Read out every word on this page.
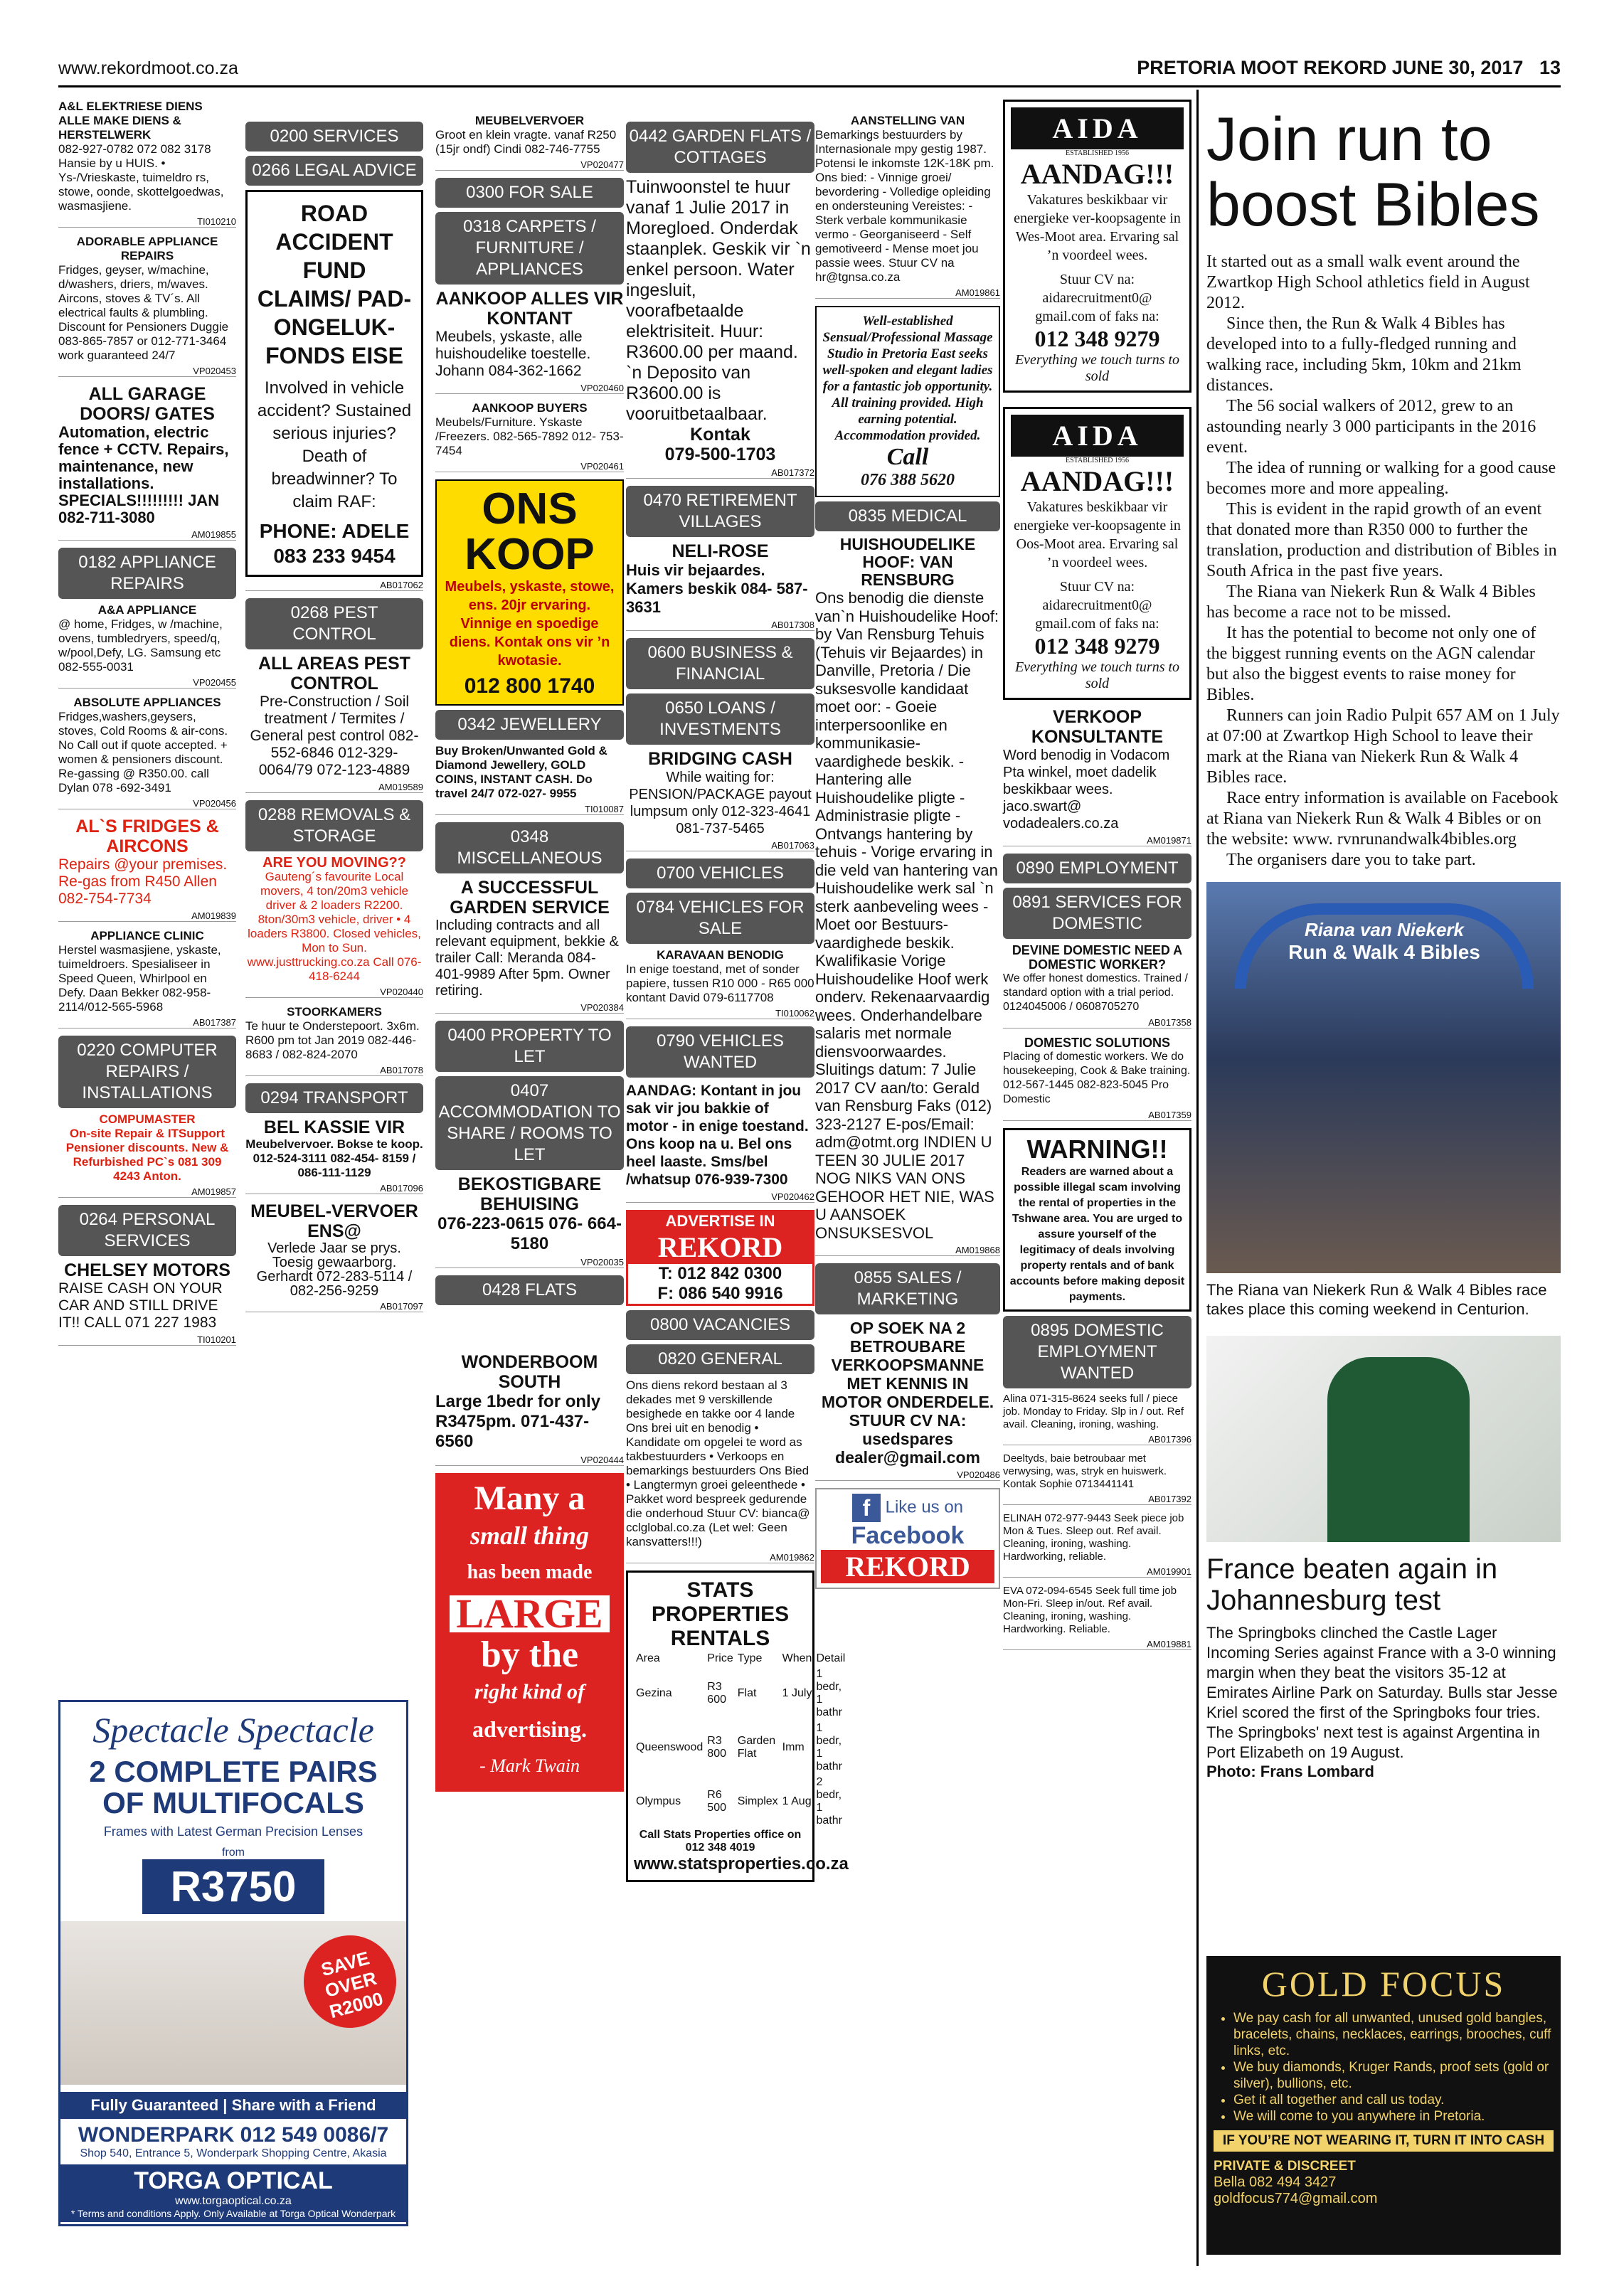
www.rekordmoot.co.za	PRETORIA MOOT REKORD JUNE 30, 2017 13
A&L ELEKTRIESE DIENS ALLE MAKE DIENS & HERSTELWERK
082-927-0782 072 082 3178 Hansie by u HUIS. • Ys-/Vrieskaste, tuimeldro rs, stowe, oonde, skottelgoedwas, wasmasjiene.
TI010210
ADORABLE APPLIANCE REPAIRS
Fridges, geyser, w/machine, d/washers, driers, m/waves. Aircons, stoves & TV´s. All electrical faults & plumbling. Discount for Pensioners Duggie 083-865-7857 or 012-771-3464 work guaranteed 24/7
VP020453
ALL GARAGE DOORS/ GATES
Automation, electric fence + CCTV. Repairs, maintenance, new installations. SPECIALS!!!!!!!!! JAN 082-711-3080
AM019855
0182 APPLIANCE REPAIRS
A&A APPLIANCE
@ home, Fridges, w /machine, ovens, tumbledryers, speed/q, w/pool,Defy, LG. Samsung etc 082-555-0031
VP020455
ABSOLUTE APPLIANCES
Fridges,washers,geysers, stoves, Cold Rooms & air-cons. No Call out if quote accepted. + women & pensioners discount. Re-gassing @ R350.00. call Dylan 078 -692-3491
VP020456
AL`S FRIDGES & AIRCONS
Repairs @your premises. Re-gas from R450 Allen 082-754-7734
AM019839
APPLIANCE CLINIC
Herstel wasmasjiene, yskaste, tuimeldroers. Spesialiseer in Speed Queen, Whirlpool en Defy. Daan Bekker 082-958-2114/012-565-5968
AB017387
0220 COMPUTER REPAIRS / INSTALLATIONS
COMPUMASTER
On-site Repair & ITSupport Pensioner discounts. New & Refurbished PC`s 081 309 4243 Anton.
AM019857
0264 PERSONAL SERVICES
CHELSEY MOTORS
RAISE CASH ON YOUR CAR AND STILL DRIVE IT!! CALL 071 227 1983
TI010201
Spectacle Spectacle
2 COMPLETE PAIRS OF MULTIFOCALS
Frames with Latest German Precision Lenses
from
R3750
SAVE OVER R2000
Fully Guaranteed | Share with a Friend
WONDERPARK 012 549 0086/7
Shop 540, Entrance 5, Wonderpark Shopping Centre, Akasia
TORGA OPTICAL
www.torgaoptical.co.za
* Terms and conditions Apply. Only Available at Torga Optical Wonderpark
0200 SERVICES
0266 LEGAL ADVICE
ROAD ACCIDENT FUND CLAIMS/ PAD-ONGELUK-FONDS EISE
Involved in vehicle accident? Sustained serious injuries? Death of breadwinner? To claim RAF:
PHONE: ADELE
083 233 9454
AB017062
0268 PEST CONTROL
ALL AREAS PEST CONTROL
Pre-Construction / Soil treatment / Termites / General pest control 082-552-6846 012-329-0064/79 072-123-4889
AM019589
0288 REMOVALS & STORAGE
ARE YOU MOVING??
Gauteng´s favourite Local movers, 4 ton/20m3 vehicle driver & 2 loaders R2200. 8ton/30m3 vehicle, driver • 4 loaders R3800. Closed vehicles, Mon to Sun. www.justtrucking.co.za Call 076-418-6244
VP020440
STOORKAMERS
Te huur te Onderstepoort. 3x6m. R600 pm tot Jan 2019 082-446-8683 / 082-824-2070
AB017078
0294 TRANSPORT
BEL KASSIE VIR
Meubelvervoer. Bokse te koop. 012-524-3111 082-454- 8159 / 086-111-1129
AB017096
MEUBEL-VERVOER ENS@
Verlede Jaar se prys. Toesig gewaarborg. Gerhardt 072-283-5114 / 082-256-9259
AB017097
MEUBELVERVOER
Groot en klein vragte. vanaf R250 (15jr ondf) Cindi 082-746-7755
VP020477
0300 FOR SALE
0318 CARPETS / FURNITURE / APPLIANCES
AANKOOP ALLES VIR KONTANT
Meubels, yskaste, alle huishoudelike toestelle. Johann 084-362-1662
VP020460
AANKOOP BUYERS
Meubels/Furniture. Yskaste /Freezers. 082-565-7892 012- 753-7454
VP020461
ONS KOOP
Meubels, yskaste, stowe, ens. 20jr ervaring. Vinnige en spoedige diens. Kontak ons vir ’n kwotasie.
012 800 1740
0342 JEWELLERY
Buy Broken/Unwanted Gold & Diamond Jewellery, GOLD COINS, INSTANT CASH. Do travel 24/7 072-027- 9955
TI010087
0348 MISCELLANEOUS
A SUCCESSFUL GARDEN SERVICE
Including contracts and all relevant equipment, bekkie & trailer Call: Meranda 084-401-9989 After 5pm. Owner retiring.
VP020384
0400 PROPERTY TO LET
0407 ACCOMMODATION TO SHARE / ROOMS TO LET
BEKOSTIGBARE BEHUISING
076-223-0615 076- 664-5180
VP020035
0428 FLATS
WONDERBOOM SOUTH
Large 1bedr for only R3475pm. 071-437-6560
VP020444
Many a
small thing
has been made
LARGE
by the
right kind of
advertising.
- Mark Twain
0442 GARDEN FLATS / COTTAGES
Tuinwoonstel te huur vanaf 1 Julie 2017 in Moregloed. Onderdak staanplek. Geskik vir `n enkel persoon. Water ingesluit, voorafbetaalde elektrisiteit. Huur: R3600.00 per maand. `n Deposito van R3600.00 is vooruitbetaalbaar.
Kontak
079-500-1703
AB017372
0470 RETIREMENT VILLAGES
NELI-ROSE
Huis vir bejaardes. Kamers beskik 084- 587- 3631
AB017308
0600 BUSINESS & FINANCIAL
0650 LOANS / INVESTMENTS
BRIDGING CASH
While waiting for: PENSION/PACKAGE payout lumpsum only 012-323-4641 081-737-5465
AB017063
0700 VEHICLES
0784 VEHICLES FOR SALE
KARAVAAN BENODIG
In enige toestand, met of sonder papiere, tussen R10 000 - R65 000 kontant David 079-6117708
TI010062
0790 VEHICLES WANTED
AANDAG: Kontant in jou sak vir jou bakkie of motor - in enige toestand. Ons koop na u. Bel ons heel laaste. Sms/bel /whatsup 076-939-7300
VP020462
ADVERTISE IN
REKORD
T: 012 842 0300
F: 086 540 9916
0800 VACANCIES
0820 GENERAL
Ons diens rekord bestaan al 3 dekades met 9 verskillende besighede en takke oor 4 lande Ons brei uit en benodig • Kandidate om opgelei te word as takbestuurders • Verkoops en bemarkings bestuurders Ons Bied • Langtermyn groei geleenthede • Pakket word bespreek gedurende die onderhoud Stuur CV: bianca@ cclglobal.co.za (Let wel: Geen kansvatters!!!)
AM019862
STATS PROPERTIES RENTALS
Area	Price	Type	When	Detail
Gezina	R3 600	Flat	1 July	1 bedr, 1 bathr
Queenswood	R3 800	Garden Flat	Imm	1 bedr, 1 bathr
Olympus	R6 500	Simplex	1 Aug	2 bedr, 1 bathr
Call Stats Properties office on 012 348 4019
www.statsproperties.co.za
AANSTELLING VAN
Bemarkings bestuurders by Internasionale mpy gestig 1987. Potensi le inkomste 12K-18K pm. Ons bied: - Vinnige groei/ bevordering - Volledige opleiding en ondersteuning Vereistes: - Sterk verbale kommunikasie vermo - Georganiseerd - Self gemotiveerd - Mense moet jou passie wees. Stuur CV na hr@tgnsa.co.za
AM019861
Well-established Sensual/Professional Massage Studio in Pretoria East seeks well-spoken and elegant ladies for a fantastic job opportunity. All training provided. High earning potential. Accommodation provided.
Call
076 388 5620
0835 MEDICAL
HUISHOUDELIKE HOOF: VAN RENSBURG
Ons benodig die dienste van`n Huishoudelike Hoof: by Van Rensburg Tehuis (Tehuis vir Bejaardes) in Danville, Pretoria / Die suksesvolle kandidaat moet oor: - Goeie interpersoonlike en kommunikasie-vaardighede beskik. - Hantering alle Huishoudelike pligte - Administrasie pligte - Ontvangs hantering by tehuis - Vorige ervaring in die veld van hantering van Huishoudelike werk sal `n sterk aanbeveling wees - Moet oor Bestuurs-vaardighede beskik. Kwalifikasie Vorige Huishoudelike Hoof werk onderv. Rekenaarvaardig wees. Onderhandelbare salaris met normale diensvoorwaardes. Sluitings datum: 7 Julie 2017 CV aan/to: Gerald van Rensburg Faks (012) 323-2127 E-pos/Email: adm@otmt.org INDIEN U TEEN 30 JULIE 2017 NOG NIKS VAN ONS GEHOOR HET NIE, WAS U AANSOEK ONSUKSESVOL
AM019868
0855 SALES / MARKETING
OP SOEK NA 2 BETROUBARE VERKOOPSMANNE MET KENNIS IN MOTOR ONDERDELE.
STUUR CV NA: usedspares dealer@gmail.com
VP020486
f Like us on
Facebook
REKORD
AIDA
ESTABLISHED 1956
AANDAG!!!
Vakatures beskikbaar vir energieke ver-koopsagente in Wes-Moot area. Ervaring sal ’n voordeel wees.
Stuur CV na: aidarecruitment0@ gmail.com of faks na:
012 348 9279
Everything we touch turns to sold
AIDA
ESTABLISHED 1956
AANDAG!!!
Vakatures beskikbaar vir energieke ver-koopsagente in Oos-Moot area. Ervaring sal ’n voordeel wees.
Stuur CV na: aidarecruitment0@ gmail.com of faks na:
012 348 9279
Everything we touch turns to sold
VERKOOP KONSULTANTE
Word benodig in Vodacom Pta winkel, moet dadelik beskikbaar wees. jaco.swart@ vodadealers.co.za
AM019871
0890 EMPLOYMENT
0891 SERVICES FOR DOMESTIC
DEVINE DOMESTIC NEED A DOMESTIC WORKER?
We offer honest domestics. Trained / standard option with a trial period. 0124045006 / 0608705270
AB017358
DOMESTIC SOLUTIONS
Placing of domestic workers. We do housekeeping, Cook & Bake training. 012-567-1445 082-823-5045 Pro Domestic
AB017359
WARNING!!
Readers are warned about a possible illegal scam involving the rental of properties in the Tshwane area. You are urged to assure yourself of the legitimacy of deals involving property rentals and of bank accounts before making deposit payments.
0895 DOMESTIC EMPLOYMENT WANTED
Alina 071-315-8624 seeks full / piece job. Monday to Friday. Slp in / out. Ref avail. Cleaning, ironing, washing.
AB017396
Deeltyds, baie betroubaar met verwysing, was, stryk en huiswerk. Kontak Sophie 0713441141
AB017392
ELINAH 072-977-9443 Seek piece job Mon & Tues. Sleep out. Ref avail. Cleaning, ironing, washing. Hardworking, reliable.
AM019901
EVA 072-094-6545 Seek full time job Mon-Fri. Sleep in/out. Ref avail. Cleaning, ironing, washing. Hardworking. Reliable.
AM019881
Join run to boost Bibles

It started out as a small walk event around the Zwartkop High School athletics field in August 2012.

Since then, the Run & Walk 4 Bibles has developed into to a fully-fledged running and walking race, including 5km, 10km and 21km distances.

The 56 social walkers of 2012, grew to an astounding nearly 3 000 participants in the 2016 event.

The idea of running or walking for a good cause becomes more and more appealing.

This is evident in the rapid growth of an event that donated more than R350 000 to further the translation, production and distribution of Bibles in South Africa in the past five years.

The Riana van Niekerk Run & Walk 4 Bibles has become a race not to be missed.

It has the potential to become not only one of the biggest running events on the AGN calendar but also the biggest events to raise money for Bibles.

Runners can join Radio Pulpit 657 AM on 1 July at 07:00 at Zwartkop High School to leave their mark at the Riana van Niekerk Run & Walk 4 Bibles race.

Race entry information is available on Facebook at Riana van Niekerk Run & Walk 4 Bibles or on the website: www. rvnrunandwalk4bibles.org

The organisers dare you to take part.

Riana van Niekerk
Run & Walk 4 Bibles
The Riana van Niekerk Run & Walk 4 Bibles race takes place this coming weekend in Centurion.
France beaten again in Johannesburg test
The Springboks clinched the Castle Lager Incoming Series against France with a 3-0 winning margin when they beat the visitors 35-12 at Emirates Airline Park on Saturday. Bulls star Jesse Kriel scored the first of the Springboks four tries. The Springboks' next test is against Argentina in Port Elizabeth on 19 August.
Photo: Frans Lombard
GOLD FOCUS
• We pay cash for all unwanted, unused gold bangles, bracelets, chains, necklaces, earrings, brooches, cuff links, etc.
• We buy diamonds, Kruger Rands, proof sets (gold or silver), bullions, etc.
• Get it all together and call us today.
• We will come to you anywhere in Pretoria.
IF YOU’RE NOT WEARING IT, TURN IT INTO CASH
PRIVATE & DISCREET
Bella 082 494 3427
goldfocus774@gmail.com
